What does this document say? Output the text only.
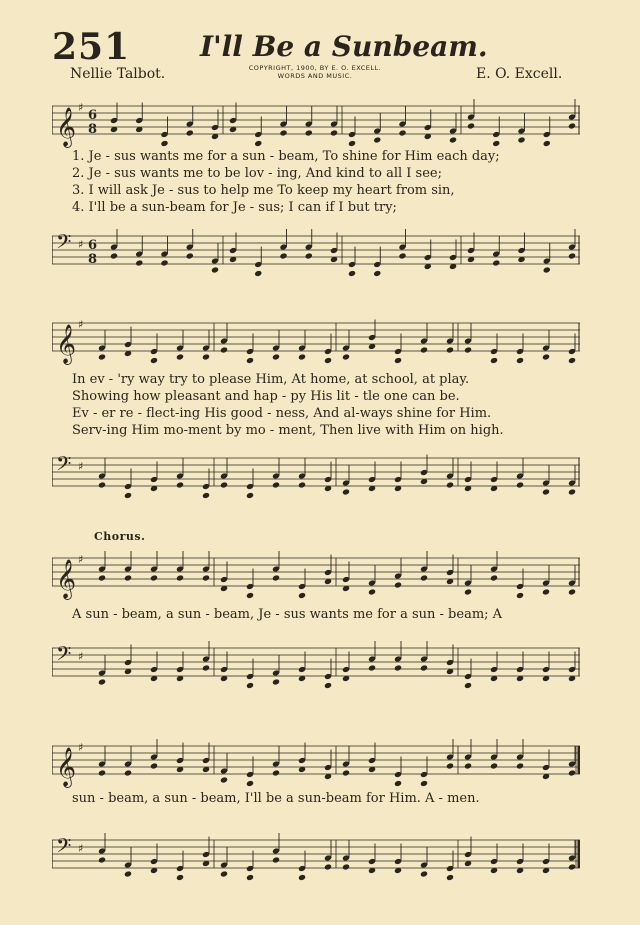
251 I'll Be a Sunbeam.
Nellie Talbot.	COPYRIGHT, 1900, BY E. O. EXCELL.
WORDS AND MUSIC.	E. O. Excell.
𝄞 ♯
6
8
1. Je - sus wants me for a sun - beam, To shine for Him each day;
2. Je - sus wants me to be lov - ing, And kind to all I see;
3. I will ask Je - sus to help me To keep my heart from sin,
4. I'll be a sun-beam for Je - sus; I can if I but try;
𝄢 ♯ 6
8
𝄞 ♯
In ev - 'ry way try to please Him, At home, at school, at play.
Showing how pleasant and hap - py His lit - tle one can be.
Ev - er re - flect-ing His good - ness, And al-ways shine for Him.
Serv-ing Him mo-ment by mo - ment, Then live with Him on high.
𝄢 ♯
Chorus.
𝄞 ♯
A sun - beam, a sun - beam, Je - sus wants me for a sun - beam; A
𝄢 ♯
𝄞 ♯
sun - beam, a sun - beam, I'll be a sun-beam for Him. A - men.
𝄢 ♯
